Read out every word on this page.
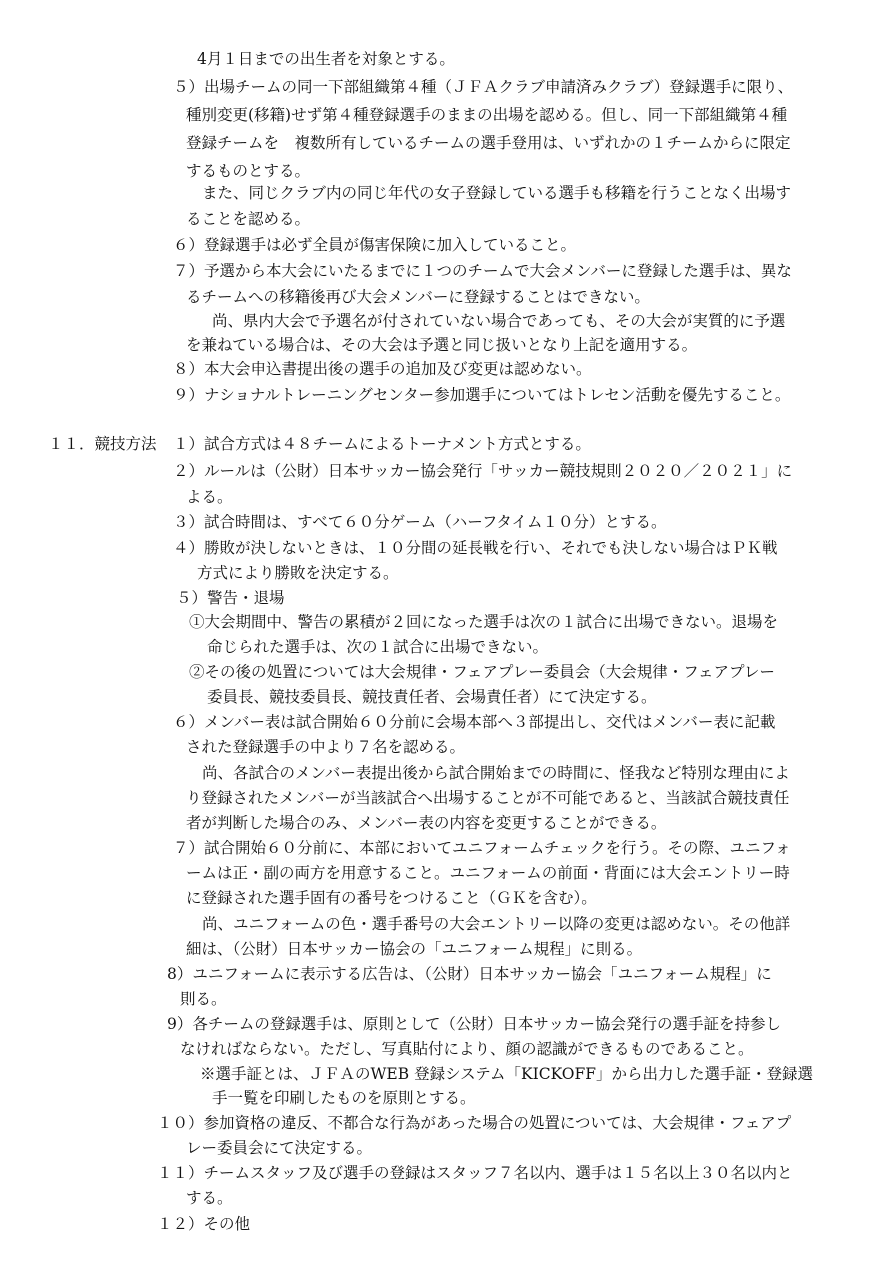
4月１日までの出生者を対象とする。
５）出場チームの同一下部組織第４種（ＪＦＡクラブ申請済みクラブ）登録選手に限り、
種別変更(移籍)せず第４種登録選手のままの出場を認める。但し、同一下部組織第４種
登録チームを　複数所有しているチームの選手登用は、いずれかの１チームからに限定
するものとする。
また、同じクラブ内の同じ年代の女子登録している選手も移籍を行うことなく出場す
ることを認める。
６）登録選手は必ず全員が傷害保険に加入していること。
７）予選から本大会にいたるまでに１つのチームで大会メンバーに登録した選手は、異な
るチームへの移籍後再び大会メンバーに登録することはできない。
尚、県内大会で予選名が付されていない場合であっても、その大会が実質的に予選
を兼ねている場合は、その大会は予選と同じ扱いとなり上記を適用する。
８）本大会申込書提出後の選手の追加及び変更は認めない。
９）ナショナルトレーニングセンター参加選手についてはトレセン活動を優先すること。
１１．競技方法 １）試合方式は４８チームによるトーナメント方式とする。
２）ルールは（公財）日本サッカー協会発行「サッカー競技規則２０２０／２０２１」に
よる。
３）試合時間は、すべて６０分ゲーム（ハーフタイム１０分）とする。
４）勝敗が決しないときは、１０分間の延長戦を行い、それでも決しない場合はＰＫ戦
方式により勝敗を決定する。
５）警告・退場
①大会期間中、警告の累積が２回になった選手は次の１試合に出場できない。退場を
命じられた選手は、次の１試合に出場できない。
②その後の処置については大会規律・フェアプレー委員会（大会規律・フェアプレー
委員長、競技委員長、競技責任者、会場責任者）にて決定する。
６）メンバー表は試合開始６０分前に会場本部へ３部提出し、交代はメンバー表に記載
された登録選手の中より７名を認める。
尚、各試合のメンバー表提出後から試合開始までの時間に、怪我など特別な理由によ
り登録されたメンバーが当該試合へ出場することが不可能であると、当該試合競技責任
者が判断した場合のみ、メンバー表の内容を変更することができる。
７）試合開始６０分前に、本部においてユニフォームチェックを行う。その際、ユニフォ
ームは正・副の両方を用意すること。ユニフォームの前面・背面には大会エントリー時
に登録された選手固有の番号をつけること（ＧＫを含む）。
尚、ユニフォームの色・選手番号の大会エントリー以降の変更は認めない。その他詳
細は、（公財）日本サッカー協会の「ユニフォーム規程」に則る。
8）ユニフォームに表示する広告は、（公財）日本サッカー協会「ユニフォーム規程」に
則る。
9）各チームの登録選手は、原則として（公財）日本サッカー協会発行の選手証を持参し
なければならない。ただし、写真貼付により、顔の認識ができるものであること。
※選手証とは、ＪＦＡのWEB 登録システム「KICKOFF」から出力した選手証・登録選
手一覧を印刷したものを原則とする。
１０）参加資格の違反、不都合な行為があった場合の処置については、大会規律・フェアプ
レー委員会にて決定する。
１１）チームスタッフ及び選手の登録はスタッフ７名以内、選手は１５名以上３０名以内と
する。
１２）その他
